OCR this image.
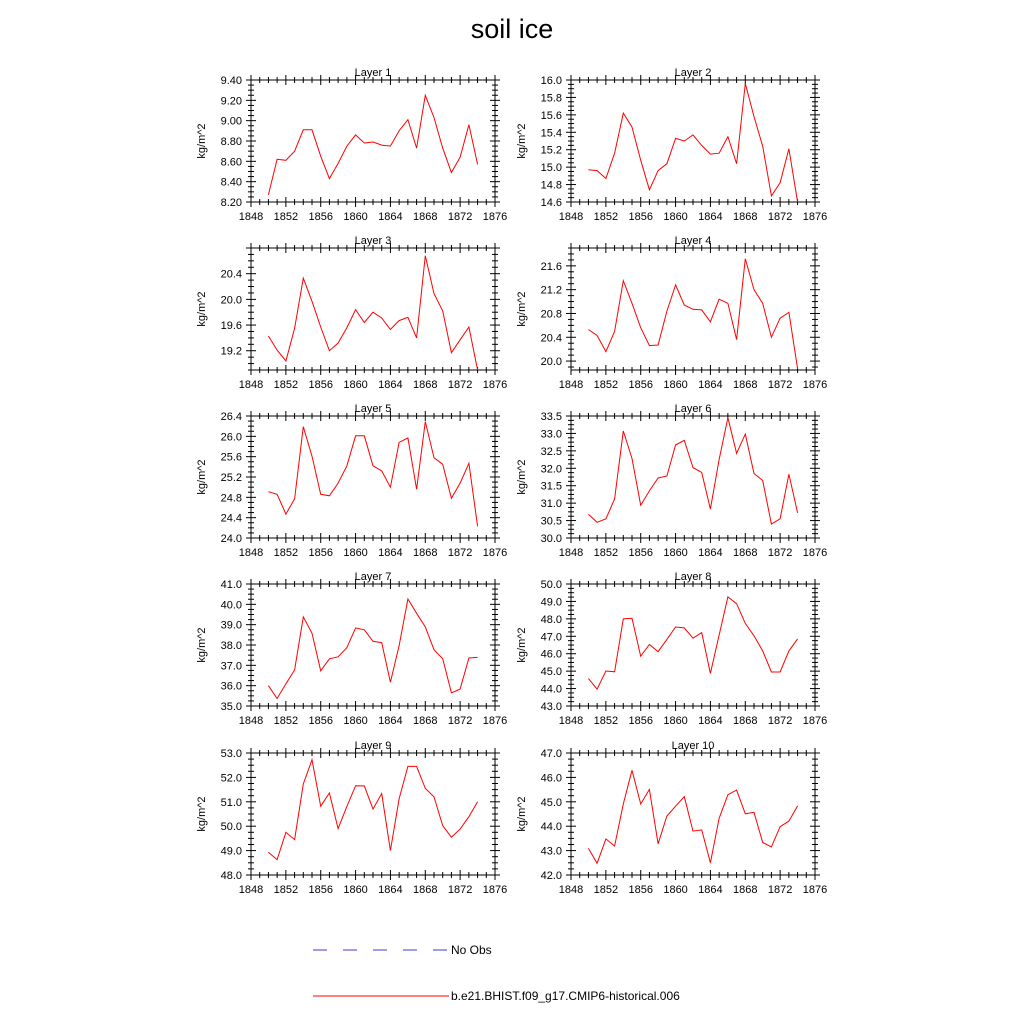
soil ice
Layer 1
kg/m^2
1848 1852 1856 1860 1864 1868 1872 1876
8.20
8.40
8.60
8.80
9.00
9.20
9.40
Layer 2
kg/m^2
1848 1852 1856 1860 1864 1868 1872 1876
14.6
14.8
15.0
15.2
15.4
15.6
15.8
16.0
Layer 3
kg/m^2
1848 1852 1856 1860 1864 1868 1872 1876
19.2
19.6
20.0
20.4
Layer 4
kg/m^2
1848 1852 1856 1860 1864 1868 1872 1876
20.0
20.4
20.8
21.2
21.6
Layer 5
kg/m^2
1848 1852 1856 1860 1864 1868 1872 1876
24.0
24.4
24.8
25.2
25.6
26.0
26.4
Layer 6
kg/m^2
1848 1852 1856 1860 1864 1868 1872 1876
30.0
30.5
31.0
31.5
32.0
32.5
33.0
33.5
Layer 7
kg/m^2
1848 1852 1856 1860 1864 1868 1872 1876
35.0
36.0
37.0
38.0
39.0
40.0
41.0
Layer 8
kg/m^2
1848 1852 1856 1860 1864 1868 1872 1876
43.0
44.0
45.0
46.0
47.0
48.0
49.0
50.0
Layer 9
kg/m^2
1848 1852 1856 1860 1864 1868 1872 1876
48.0
49.0
50.0
51.0
52.0
53.0
Layer 10
kg/m^2
1848 1852 1856 1860 1864 1868 1872 1876
42.0
43.0
44.0
45.0
46.0
47.0
No Obs
b.e21.BHIST.f09_g17.CMIP6-historical.006
